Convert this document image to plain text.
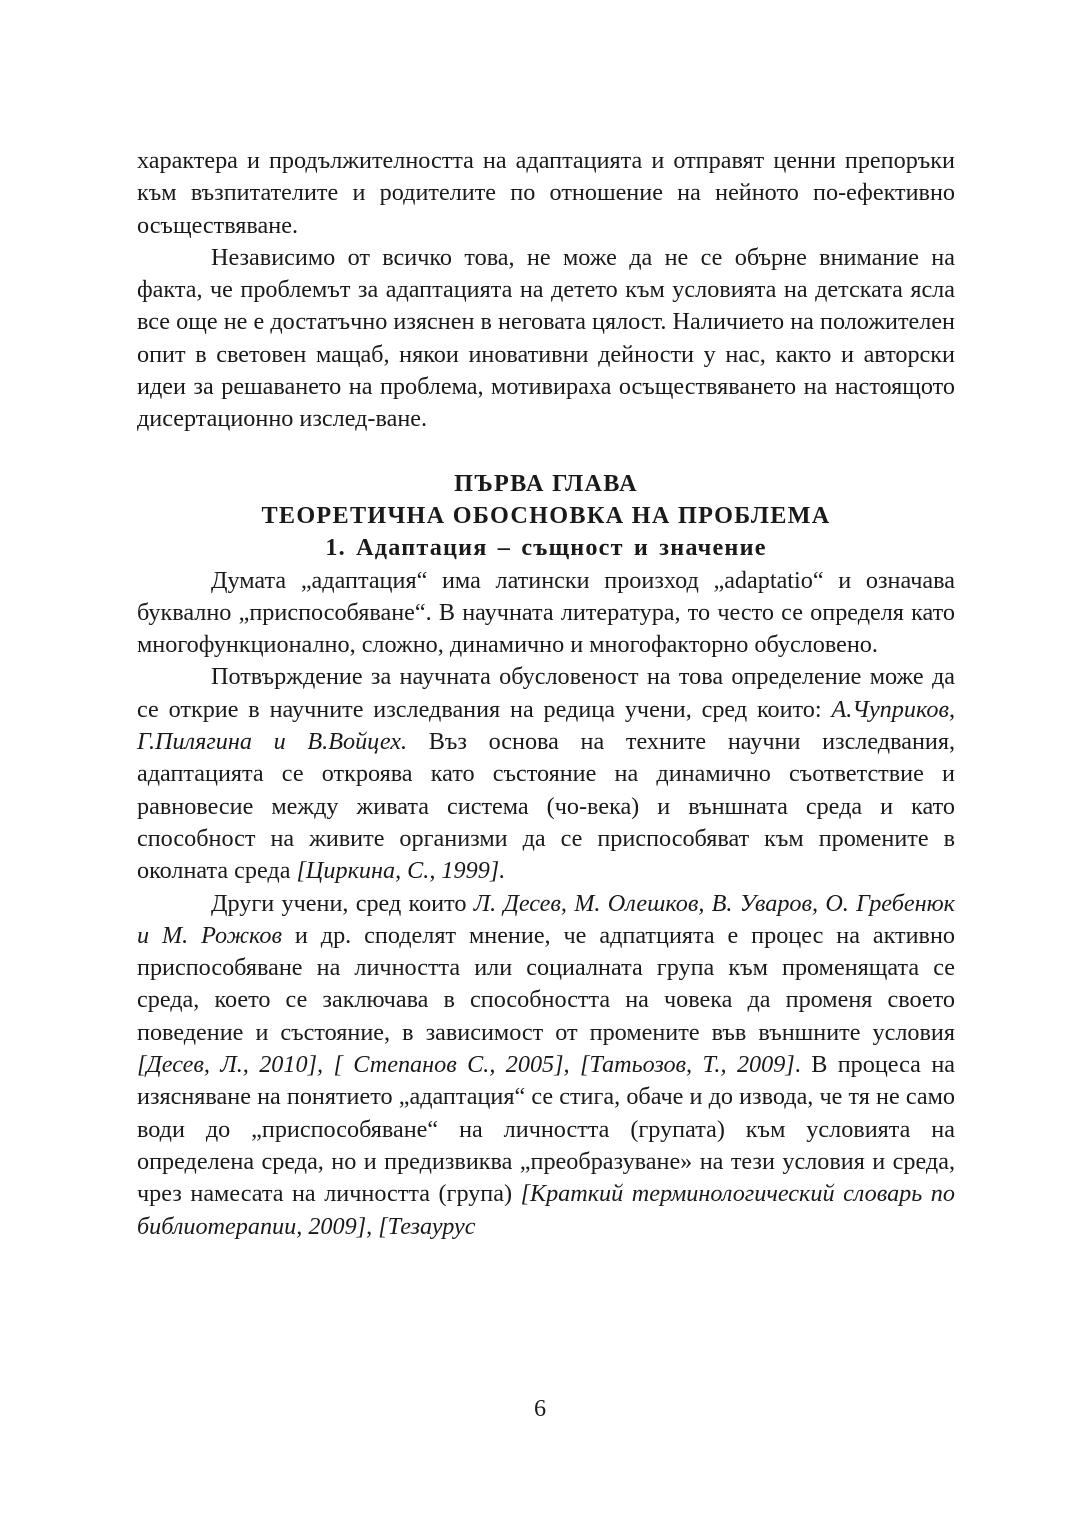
характера и продължителността на адаптацията и отправят ценни препоръки към възпитателите и родителите по отношение на нейното по-ефективно осъществяване.

Независимо от всичко това, не може да не се обърне внимание на факта, че проблемът за адаптацията на детето към условията на детската ясла все още не е достатъчно изяснен в неговата цялост. Наличието на положителен опит в световен мащаб, някои иновативни дейности у нас, както и авторски идеи за решаването на проблема, мотивираха осъществяването на настоящото дисертационно изслед-ване.

ПЪРВА ГЛАВА
ТЕОРЕТИЧНА ОБОСНОВКА НА ПРОБЛЕМА
1. Адаптация – същност и значение

Думата „адаптация“ има латински произход „adaptatio“ и означава буквално „приспособяване“. В научната литература, то често се определя като многофункционално, сложно, динамично и многофакторно обусловено.

Потвърждение за научната обусловеност на това определение може да се открие в научните изследвания на редица учени, сред които: А.Чуприков, Г.Пилягина и В.Войцех. Въз основа на техните научни изследвания, адаптацията се откроява като състояние на динамично съответствие и равновесие между живата система (чо-века) и външната среда и като способност на живите организми да се приспособяват към промените в околната среда [Циркина, С., 1999].

Други учени, сред които Л. Десев, М. Олешков, В. Уваров, О. Гребенюк и М. Рожков и др. споделят мнение, че адпатцията е процес на активно приспособяване на личността или социалната група към променящата се среда, което се заключава в способността на човека да променя своето поведение и състояние, в зависимост от промените във външните условия [Десев, Л., 2010], [ Степанов С., 2005], [Татьозов, Т., 2009]. В процеса на изясняване на понятието „адаптация“ се стига, обаче и до извода, че тя не само води до „приспособяване“ на личността (групата) към условията на определена среда, но и предизвиква „преобразуване» на тези условия и среда, чрез намесата на личността (група) [Краткий терминологический словарь по библиотерапии, 2009], [Тезаурус

6
